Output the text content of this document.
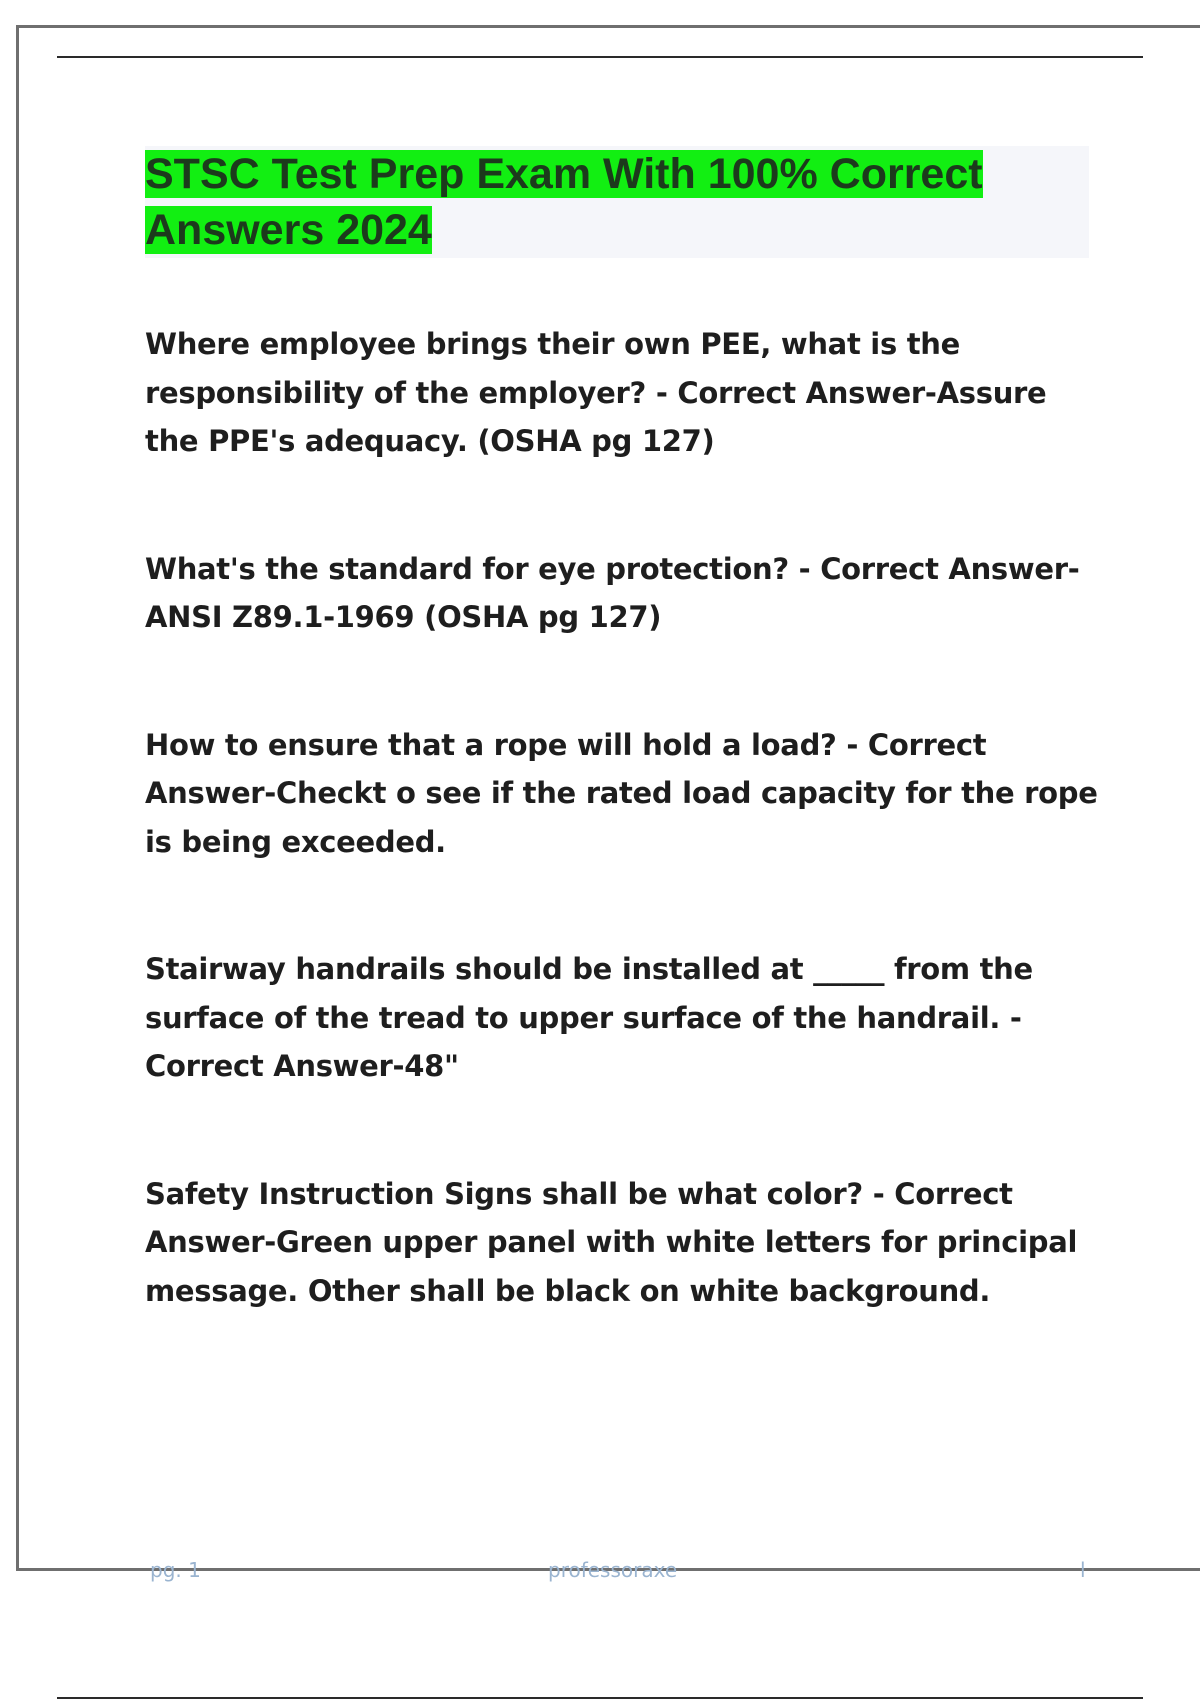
STSC Test Prep Exam With 100% Correct Answers 2024

Where employee brings their own PEE, what is the responsibility of the employer? - Correct Answer-Assure the PPE's adequacy. (OSHA pg 127)

What's the standard for eye protection? - Correct Answer-ANSI Z89.1-1969 (OSHA pg 127)

How to ensure that a rope will hold a load? - Correct Answer-Checkt o see if the rated load capacity for the rope is being exceeded.

Stairway handrails should be installed at _____ from the surface of the tread to upper surface of the handrail. - Correct Answer-48"

Safety Instruction Signs shall be what color? - Correct Answer-Green upper panel with white letters for principal message. Other shall be black on white background.

pg. 1	professoraxe	l
